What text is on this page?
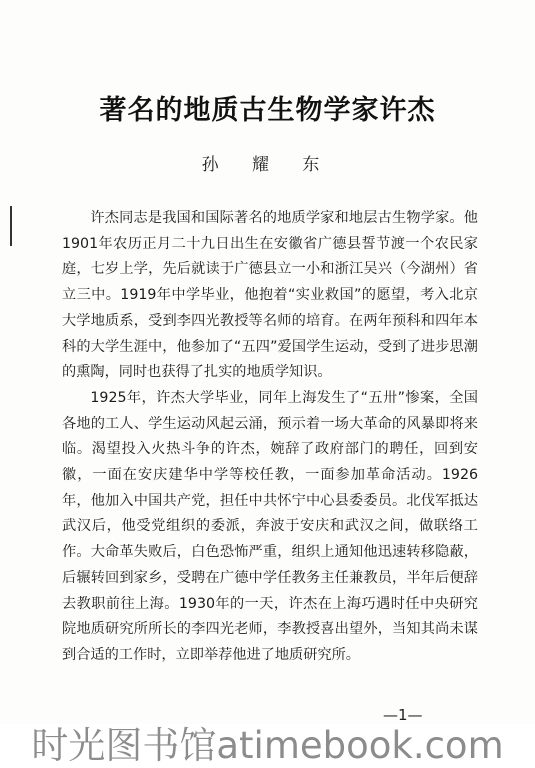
著名的地质古生物学家许杰
孙 耀 东

许杰同志是我国和国际著名的地质学家和地层古生物学家。他1901年农历正月二十九日出生在安徽省广德县誓节渡一个农民家庭，七岁上学，先后就读于广德县立一小和浙江吴兴（今湖州）省立三中。1919年中学毕业，他抱着“实业救国”的愿望，考入北京大学地质系，受到李四光教授等名师的培育。在两年预科和四年本科的大学生涯中，他参加了“五四”爱国学生运动，受到了进步思潮的熏陶，同时也获得了扎实的地质学知识。

1925年，许杰大学毕业，同年上海发生了“五卅”惨案，全国各地的工人、学生运动风起云涌，预示着一场大革命的风暴即将来临。渴望投入火热斗争的许杰，婉辞了政府部门的聘任，回到安徽，一面在安庆建华中学等校任教，一面参加革命活动。1926年，他加入中国共产党，担任中共怀宁中心县委委员。北伐军抵达武汉后，他受党组织的委派，奔波于安庆和武汉之间，做联络工作。大命革失败后，白色恐怖严重，组织上通知他迅速转移隐蔽，后辗转回到家乡，受聘在广德中学任教务主任兼教员，半年后便辞去教职前往上海。1930年的一天，许杰在上海巧遇时任中央研究院地质研究所所长的李四光老师，李教授喜出望外，当知其尚未谋到合适的工作时，立即举荐他进了地质研究所。

—1—
时光图书馆atimebook.com
